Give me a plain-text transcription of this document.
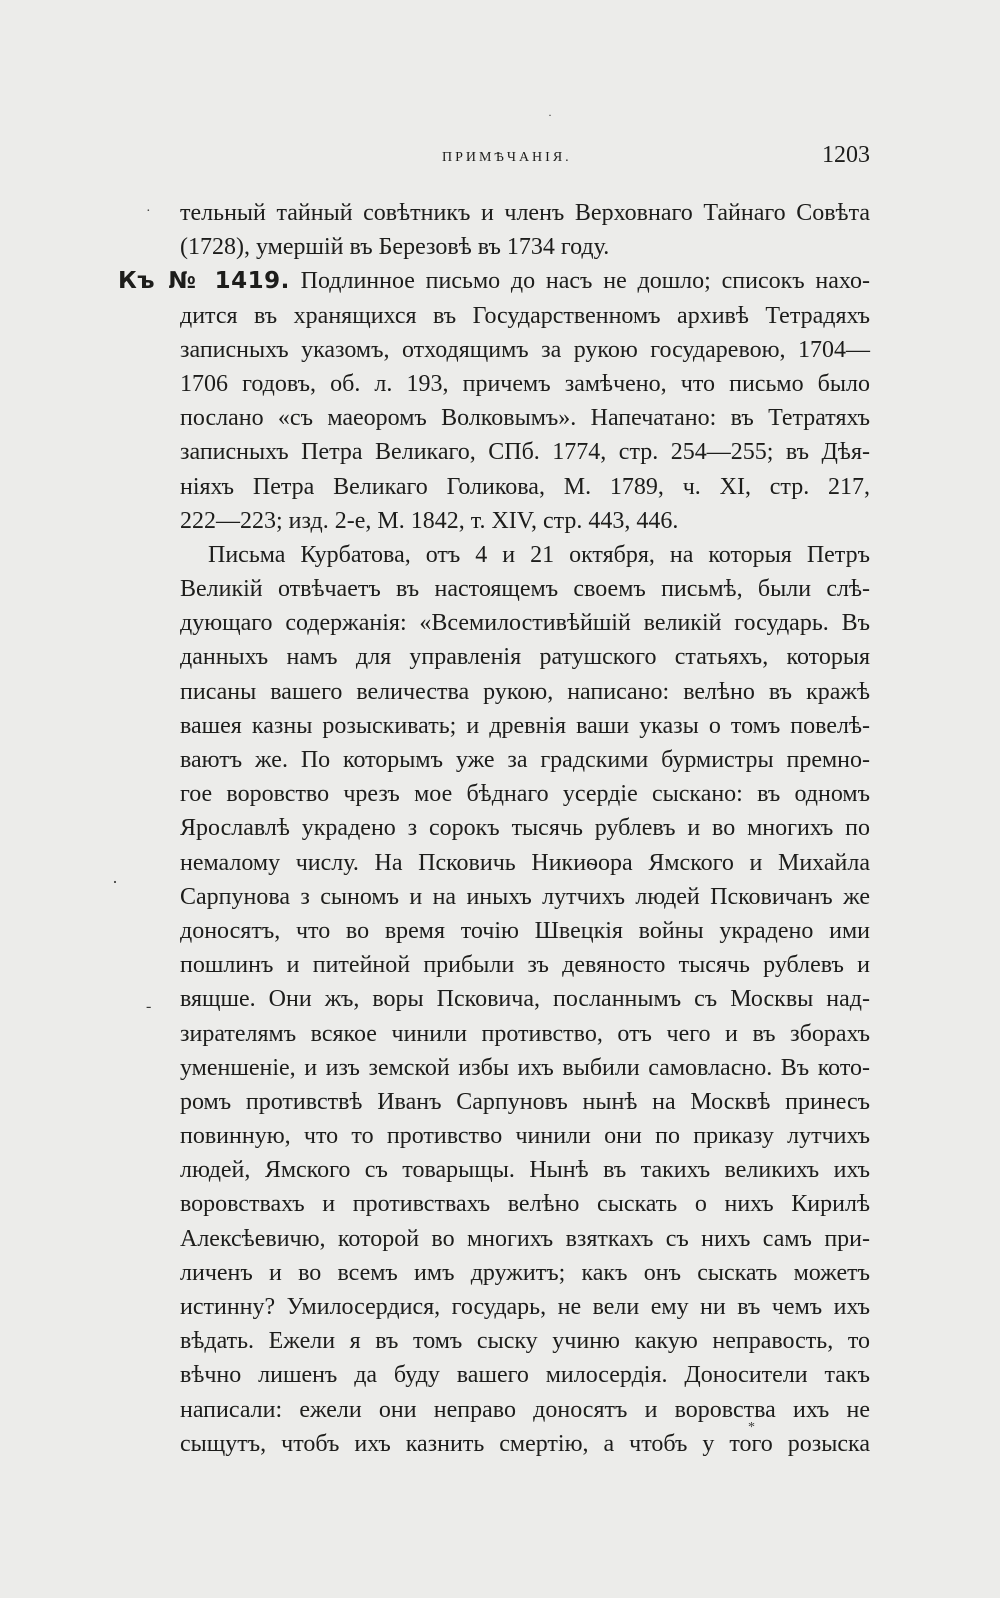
ПРИМѢЧАНІЯ.	1203
тельный тайный совѣтникъ и членъ Верховнаго Тайнаго Совѣта
(1728), умершій въ Березовѣ въ 1734 году.
Къ № 1419. Подлинное письмо до насъ не дошло; списокъ нахо-
дится въ хранящихся въ Государственномъ архивѣ Тетрадяхъ
записныхъ указомъ, отходящимъ за рукою государевою, 1704—
1706 годовъ, об. л. 193, причемъ замѣчено, что письмо было
послано «съ маеоромъ Волковымъ». Напечатано: въ Тетратяхъ
записныхъ Петра Великаго, СПб. 1774, стр. 254—255; въ Дѣя-
ніяхъ Петра Великаго Голикова, М. 1789, ч. XI, стр. 217,
222—223; изд. 2-е, М. 1842, т. XIV, стр. 443, 446.
Письма Курбатова, отъ 4 и 21 октября, на которыя Петръ
Великій отвѣчаетъ въ настоящемъ своемъ письмѣ, были слѣ-
дующаго содержанія: «Всемилостивѣйшій великій государь. Въ
данныхъ намъ для управленія ратушского статьяхъ, которыя
писаны вашего величества рукою, написано: велѣно въ кражѣ
вашея казны розыскивать; и древнія ваши указы о томъ повелѣ-
ваютъ же. По которымъ уже за градскими бурмистры премно-
гое воровство чрезъ мое бѣднаго усердіе сыскано: въ одномъ
Ярославлѣ украдено з сорокъ тысячь рублевъ и во многихъ по
немалому числу. На Псковичь Никиѳора Ямского и Михайла
Сарпунова з сыномъ и на иныхъ лутчихъ людей Псковичанъ же
доносятъ, что во время точію Швецкія войны украдено ими
пошлинъ и питейной прибыли зъ девяносто тысячь рублевъ и
вящше. Они жъ, воры Псковича, посланнымъ съ Москвы над-
зирателямъ всякое чинили противство, отъ чего и въ зборахъ
уменшеніе, и изъ земской избы ихъ выбили самовласно. Въ кото-
ромъ противствѣ Иванъ Сарпуновъ нынѣ на Москвѣ принесъ
повинную, что то противство чинили они по приказу лутчихъ
людей, Ямского съ товарыщы. Нынѣ въ такихъ великихъ ихъ
воровствахъ и противствахъ велѣно сыскать о нихъ Кирилѣ
Алексѣевичю, которой во многихъ взяткахъ съ нихъ самъ при-
личенъ и во всемъ имъ дружитъ; какъ онъ сыскать можетъ
истинну? Умилосердися, государь, не вели ему ни въ чемъ ихъ
вѣдать. Ежели я въ томъ сыску учиню какую неправость, то
вѣчно лишенъ да буду вашего милосердія. Доносители такъ
написали: ежели они неправо доносятъ и воровства ихъ не
сыщутъ, чтобъ ихъ казнить смертію, а чтобъ у того розыска
·
·
·
-
*
